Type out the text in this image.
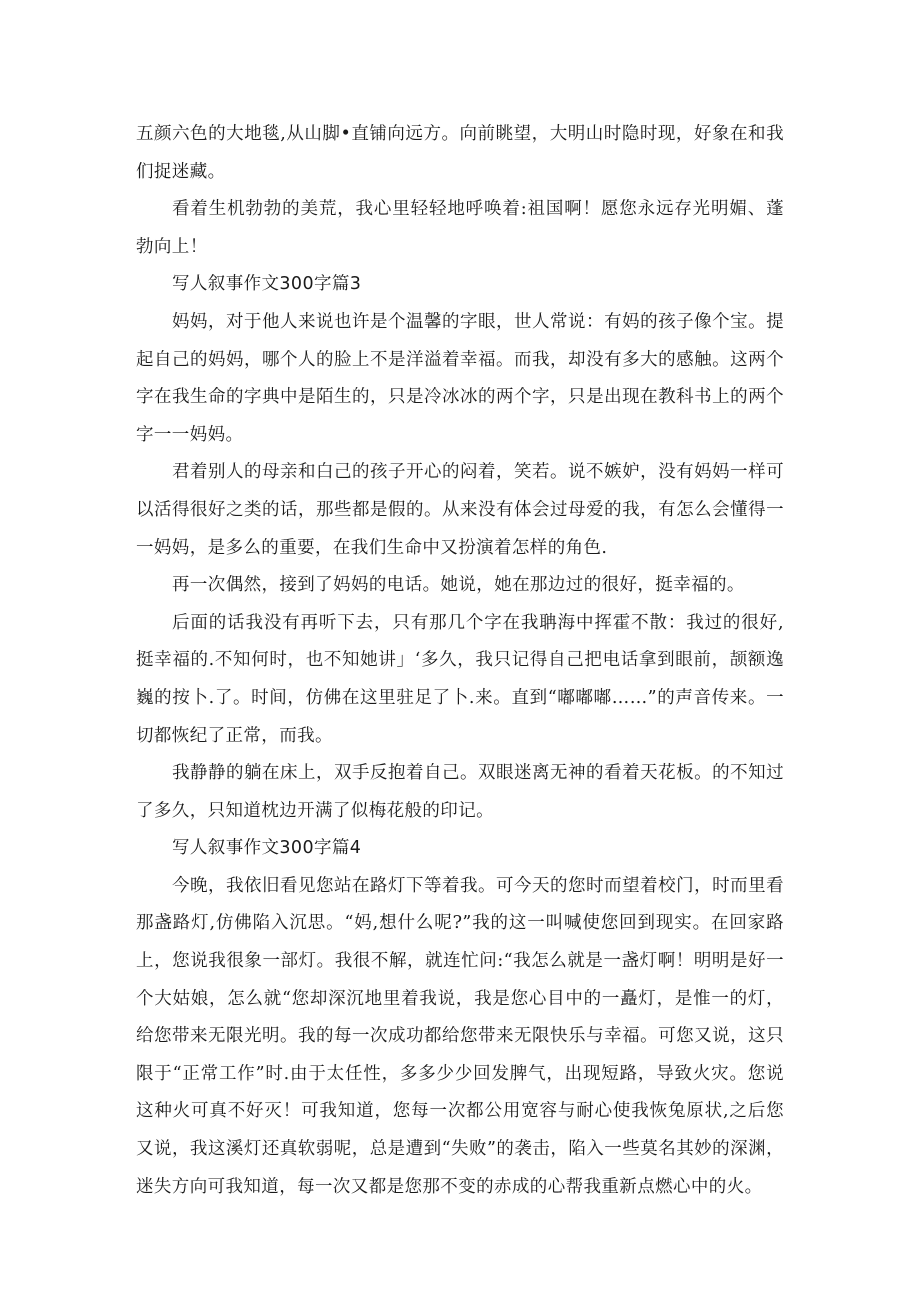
五颜六色的大地毯,从山脚•直铺向远方。向前眺望，大明山时隐时现，好象在和我们捉迷藏。

看着生机勃勃的美荒，我心里轻轻地呼唤着:祖国啊！愿您永远存光明媚、蓬勃向上！

写人叙事作文300字篇3

妈妈，对于他人来说也许是个温馨的字眼，世人常说：有妈的孩子像个宝。提起自己的妈妈，哪个人的脸上不是洋溢着幸福。而我，却没有多大的感触。这两个字在我生命的字典中是陌生的，只是冷冰冰的两个字，只是出现在教科书上的两个字一一妈妈。

君着别人的母亲和白己的孩子开心的闷着，笑若。说不嫉妒，没有妈妈一样可以活得很好之类的话，那些都是假的。从来没有体会过母爱的我，有怎么会懂得一一妈妈，是多么的重要，在我们生命中又扮演着怎样的角色.

再一次偶然，接到了妈妈的电话。她说，她在那边过的很好，挺幸福的。

后面的话我没有再听下去，只有那几个字在我聃海中挥霍不散：我过的很好,挺幸福的.不知何时，也不知她讲」‘多久，我只记得自己把电话拿到眼前，颉额逸巍的按卜.了。时间，仿佛在这里驻足了卜.来。直到“嘟嘟嘟……”的声音传来。一切都恢纪了正常，而我。

我静静的躺在床上，双手反抱着自己。双眼迷离无神的看着天花板。的不知过了多久，只知道枕边开满了似梅花般的印记。

写人叙事作文300字篇4

今晚，我依旧看见您站在路灯下等着我。可今天的您时而望着校门，时而里看那盏路灯,仿佛陷入沉思。“妈,想什么呢?”我的这一叫喊使您回到现实。在回家路上，您说我很象一部灯。我很不解，就连忙问:“我怎么就是一盏灯啊！明明是好一个大姑娘，怎么就“您却深沉地里着我说，我是您心目中的一矗灯，是惟一的灯，给您带来无限光明。我的每一次成功都给您带来无限快乐与幸福。可您又说，这只限于“正常工作”时.由于太任性，多多少少回发脾气，出现短路，导致火灾。您说这种火可真不好灭！可我知道，您每一次都公用宽容与耐心使我恢兔原状,之后您又说，我这溪灯还真软弱呢，总是遭到“失败”的袭击，陷入一些莫名其妙的深渊，迷失方向可我知道，每一次又都是您那不变的赤成的心帮我重新点燃心中的火。
